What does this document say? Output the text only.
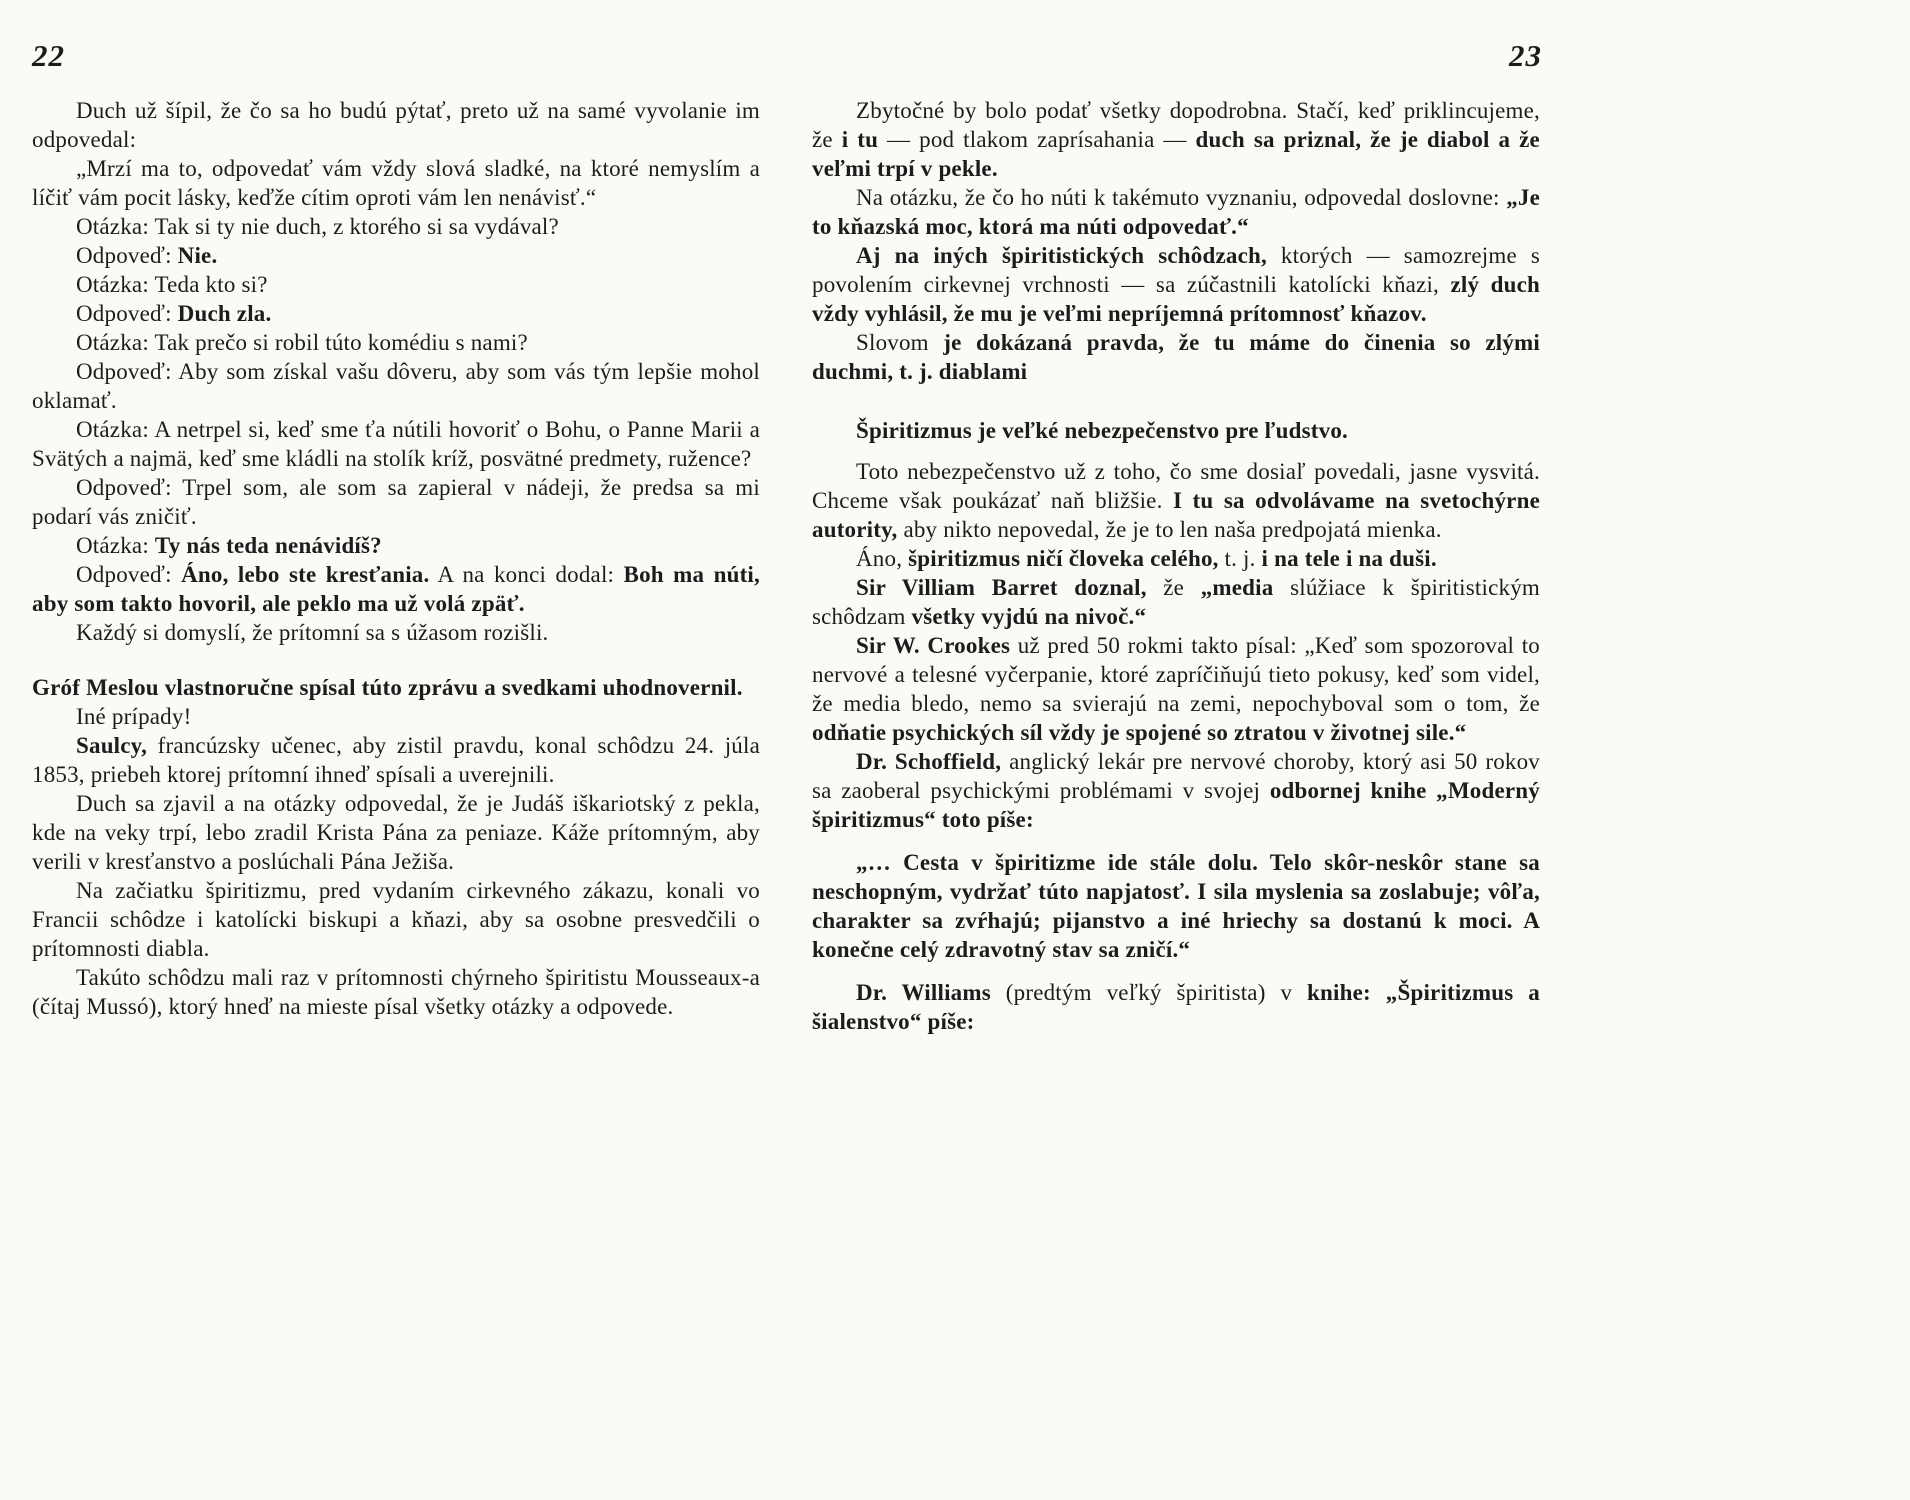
22	23

Duch už šípil, že čo sa ho budú pýtať, preto už na samé vyvolanie im odpovedal:

„Mrzí ma to, odpovedať vám vždy slová sladké, na ktoré nemyslím a líčiť vám pocit lásky, keďže cítim oproti vám len nenávisť.“

Otázka: Tak si ty nie duch, z ktorého si sa vydával?

Odpoveď: Nie.

Otázka: Teda kto si?

Odpoveď: Duch zla.

Otázka: Tak prečo si robil túto komédiu s nami?

Odpoveď: Aby som získal vašu dôveru, aby som vás tým lepšie mohol oklamať.

Otázka: A netrpel si, keď sme ťa nútili hovoriť o Bohu, o Panne Marii a Svätých a najmä, keď sme kládli na stolík kríž, posvätné predmety, ružence?

Odpoveď: Trpel som, ale som sa zapieral v nádeji, že predsa sa mi podarí vás zničiť.

Otázka: Ty nás teda nenávidíš?

Odpoveď: Áno, lebo ste kresťania. A na konci dodal: Boh ma núti, aby som takto hovoril, ale peklo ma už volá zpäť.

Každý si domyslí, že prítomní sa s úžasom rozišli.

Gróf Meslou vlastnoručne spísal túto zprávu a svedkami uhodnovernil.

Iné prípady!

Saulcy, francúzsky učenec, aby zistil pravdu, konal schôdzu 24. júla 1853, priebeh ktorej prítomní ihneď spísali a uverejnili.

Duch sa zjavil a na otázky odpovedal, že je Judáš iškariotský z pekla, kde na veky trpí, lebo zradil Krista Pána za peniaze. Káže prítomným, aby verili v kresťanstvo a poslúchali Pána Ježiša.

Na začiatku špiritizmu, pred vydaním cirkevného zákazu, konali vo Francii schôdze i katolícki biskupi a kňazi, aby sa osobne presvedčili o prítomnosti diabla.

Takúto schôdzu mali raz v prítomnosti chýrneho špiritistu Mousseaux-a (čítaj Mussó), ktorý hneď na mieste písal všetky otázky a odpovede.

Zbytočné by bolo podať všetky dopodrobna. Stačí, keď priklincujeme, že i tu — pod tlakom zaprísahania — duch sa priznal, že je diabol a že veľmi trpí v pekle.

Na otázku, že čo ho núti k takémuto vyznaniu, odpovedal doslovne: „Je to kňazská moc, ktorá ma núti odpovedať.“

Aj na iných špiritistických schôdzach, ktorých — samozrejme s povolením cirkevnej vrchnosti — sa zúčastnili katolícki kňazi, zlý duch vždy vyhlásil, že mu je veľmi nepríjemná prítomnosť kňazov.

Slovom je dokázaná pravda, že tu máme do činenia so zlými duchmi, t. j. diablami

Špiritizmus je veľké nebezpečenstvo pre ľudstvo.

Toto nebezpečenstvo už z toho, čo sme dosiaľ povedali, jasne vysvitá. Chceme však poukázať naň bližšie. I tu sa odvolávame na svetochýrne autority, aby nikto nepovedal, že je to len naša predpojatá mienka.

Áno, špiritizmus ničí človeka celého, t. j. i na tele i na duši.

Sir Villiam Barret doznal, že „media slúžiace k špiritistickým schôdzam všetky vyjdú na nivoč.“

Sir W. Crookes už pred 50 rokmi takto písal: „Keď som spozoroval to nervové a telesné vyčerpanie, ktoré zapríčiňujú tieto pokusy, keď som videl, že media bledo, nemo sa svierajú na zemi, nepochyboval som o tom, že odňatie psychických síl vždy je spojené so ztratou v životnej sile.“

Dr. Schoffield, anglický lekár pre nervové choroby, ktorý asi 50 rokov sa zaoberal psychickými problémami v svojej odbornej knihe „Moderný špiritizmus“ toto píše:

„… Cesta v špiritizme ide stále dolu. Telo skôr-neskôr stane sa neschopným, vydržať túto napjatosť. I sila myslenia sa zoslabuje; vôľa, charakter sa zvŕhajú; pijanstvo a iné hriechy sa dostanú k moci. A konečne celý zdravotný stav sa zničí.“

Dr. Williams (predtým veľký špiritista) v knihe: „Špiritizmus a šialenstvo“ píše:
